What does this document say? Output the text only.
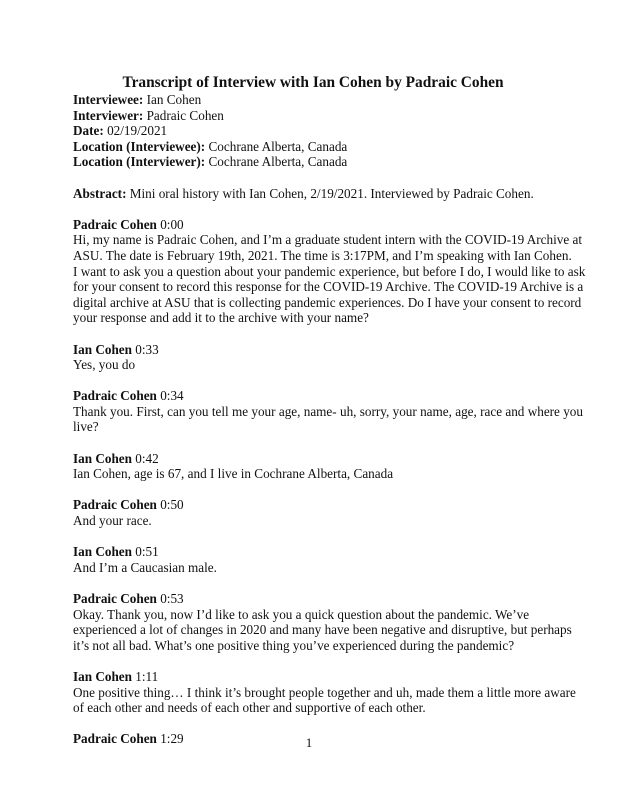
Transcript of Interview with Ian Cohen by Padraic Cohen

Interviewee: Ian Cohen

Interviewer: Padraic Cohen

Date: 02/19/2021

Location (Interviewee): Cochrane Alberta, Canada

Location (Interviewer): Cochrane Alberta, Canada

Abstract: Mini oral history with Ian Cohen, 2/19/2021. Interviewed by Padraic Cohen.

Padraic Cohen 0:00

Hi, my name is Padraic Cohen, and I’m a graduate student intern with the COVID-19 Archive at

ASU. The date is February 19th, 2021. The time is 3:17PM, and I’m speaking with Ian Cohen.

I want to ask you a question about your pandemic experience, but before I do, I would like to ask

for your consent to record this response for the COVID-19 Archive. The COVID-19 Archive is a

digital archive at ASU that is collecting pandemic experiences. Do I have your consent to record

your response and add it to the archive with your name?

Ian Cohen 0:33

Yes, you do

Padraic Cohen 0:34

Thank you. First, can you tell me your age, name- uh, sorry, your name, age, race and where you

live?

Ian Cohen 0:42

Ian Cohen, age is 67, and I live in Cochrane Alberta, Canada

Padraic Cohen 0:50

And your race.

Ian Cohen 0:51

And I’m a Caucasian male.

Padraic Cohen 0:53

Okay. Thank you, now I’d like to ask you a quick question about the pandemic. We’ve

experienced a lot of changes in 2020 and many have been negative and disruptive, but perhaps

it’s not all bad. What’s one positive thing you’ve experienced during the pandemic?

Ian Cohen 1:11

One positive thing… I think it’s brought people together and uh, made them a little more aware

of each other and needs of each other and supportive of each other.

Padraic Cohen 1:29	1
